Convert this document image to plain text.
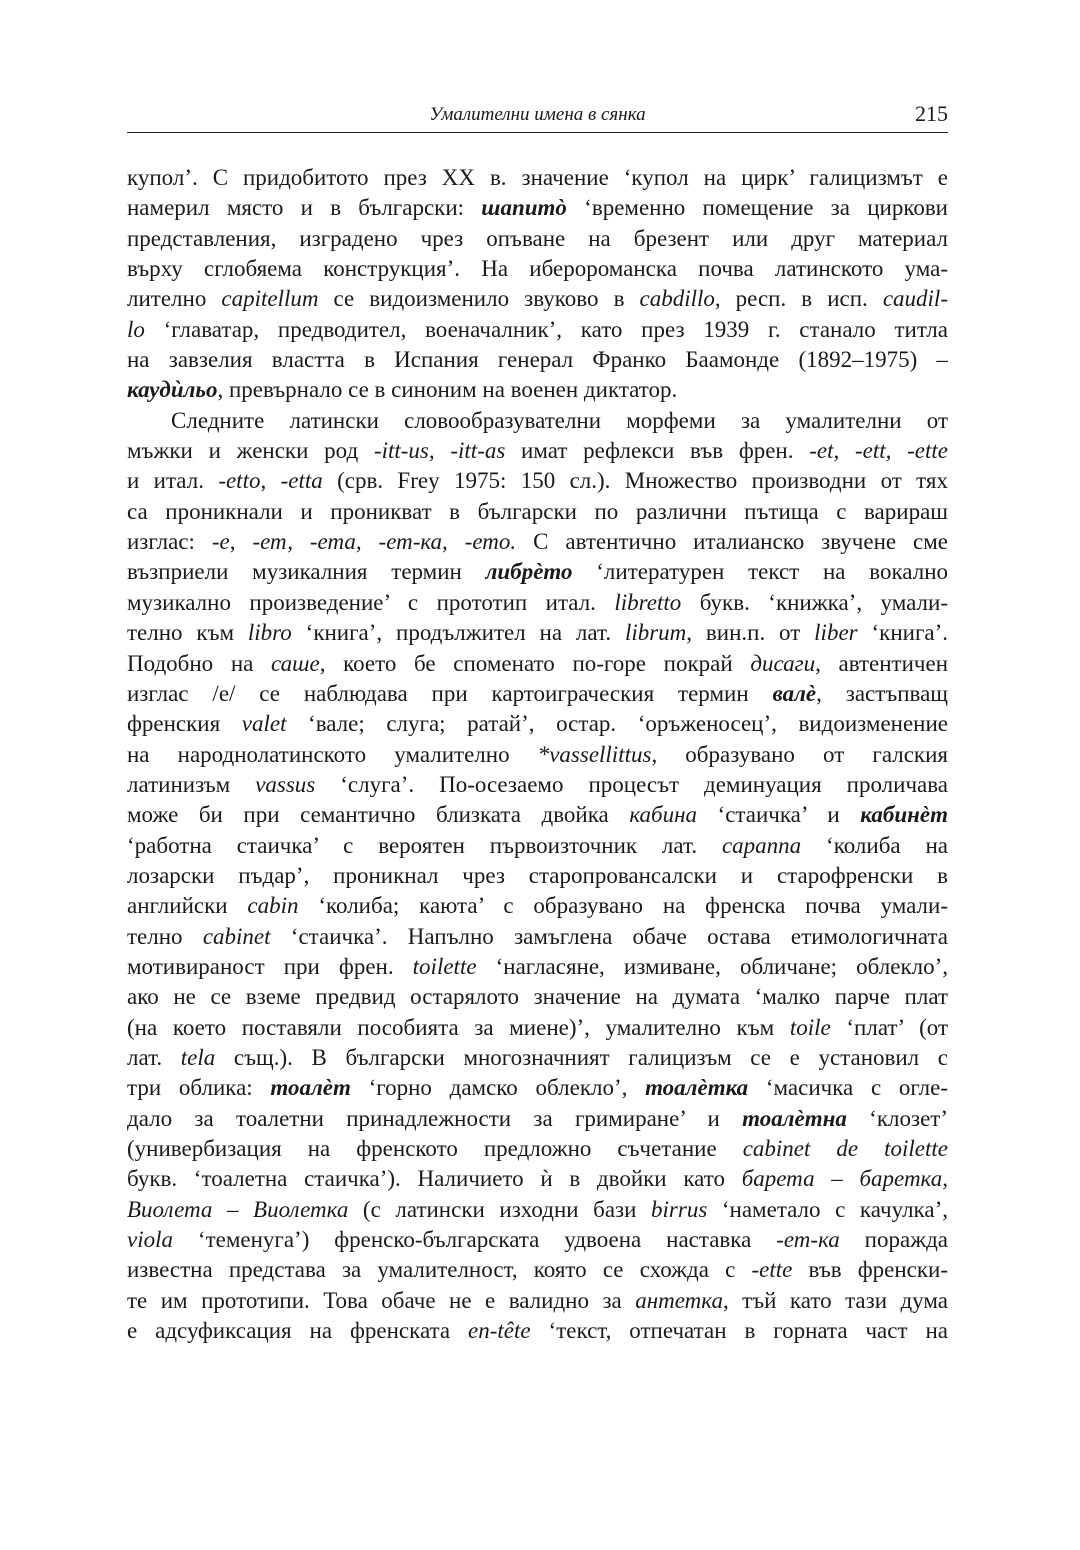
Умалителни имена в сянка	215
купол’. С придобитото през XX в. значение ‘купол на цирк’ галицизмът е
намерил място и в български: шапитò ‘временно помещение за циркови
представления, изградено чрез опъване на брезент или друг материал
върху сглобяема конструкция’. На иберороманска почва латинското ума-
лително capitellum се видоизменило звуково в cabdillo, респ. в исп. caudil-
lo ‘главатар, предводител, военачалник’, като през 1939 г. станало титла
на завзелия властта в Испания генерал Франко Баамонде (1892–1975) –
каудѝльо, превърнало се в синоним на военен диктатор.
Следните латински словообразувателни морфеми за умалителни от
мъжки и женски род -itt-us, -itt-as имат рефлекси във френ. -et, -ett, -ette
и итал. -etto, -etta (срв. Frey 1975: 150 сл.). Множество производни от тях
са проникнали и проникват в български по различни пътища с варираш
изглас: -е, -ет, -ета, -ет-ка, -ето. С автентично италианско звучене сме
възприели музикалния термин либрèто ‘литературен текст на вокално
музикално произведение’ с прототип итал. libretto букв. ‘книжка’, умали-
телно към libro ‘книга’, продължител на лат. librum, вин.п. от liber ‘книга’.
Подобно на саше, което бе споменато по-горе покрай дисаги, автентичен
изглас /е/ се наблюдава при картоиграческия термин валè, застъпващ
френския valet ‘вале; слуга; ратай’, остар. ‘оръженосец’, видоизменение
на народнолатинското умалително *vassellittus, образувано от галския
латинизъм vassus ‘слуга’. По-осезаемо процесът деминуация проличава
може би при семантично близката двойка кабина ‘стаичка’ и кабинèт
‘работна стаичка’ с вероятен първоизточник лат. capanna ‘колиба на
лозарски пъдар’, проникнал чрез старопровансалски и старофренски в
английски cabin ‘колиба; каюта’ с образувано на френска почва умали-
телно cabinet ‘стаичка’. Напълно замъглена обаче остава етимологичната
мотивираност при френ. toilette ‘нагласяне, измиване, обличане; облекло’,
ако не се вземе предвид остарялото значение на думата ‘малко парче плат
(на което поставяли пособията за миене)’, умалително към toile ‘плат’ (от
лат. tela същ.). В български многозначният галицизъм се е установил с
три облика: тоалèт ‘горно дамско облекло’, тоалèтка ‘масичка с огле-
дало за тоалетни принадлежности за гримиране’ и тоалèтна ‘клозет’
(универбизация на френското предложно съчетание cabinet de toilette
букв. ‘тоалетна стаичка’). Наличието ѝ в двойки като барета – баретка,
Виолета – Виолетка (с латински изходни бази birrus ‘наметало с качулка’,
viola ‘теменуга’) френско-българската удвоена наставка -ет-ка поражда
известна представа за умалителност, която се схожда с -ette във френски-
те им прототипи. Това обаче не е валидно за антетка, тъй като тази дума
е адсуфиксация на френската en-tête ‘текст, отпечатан в горната част на
